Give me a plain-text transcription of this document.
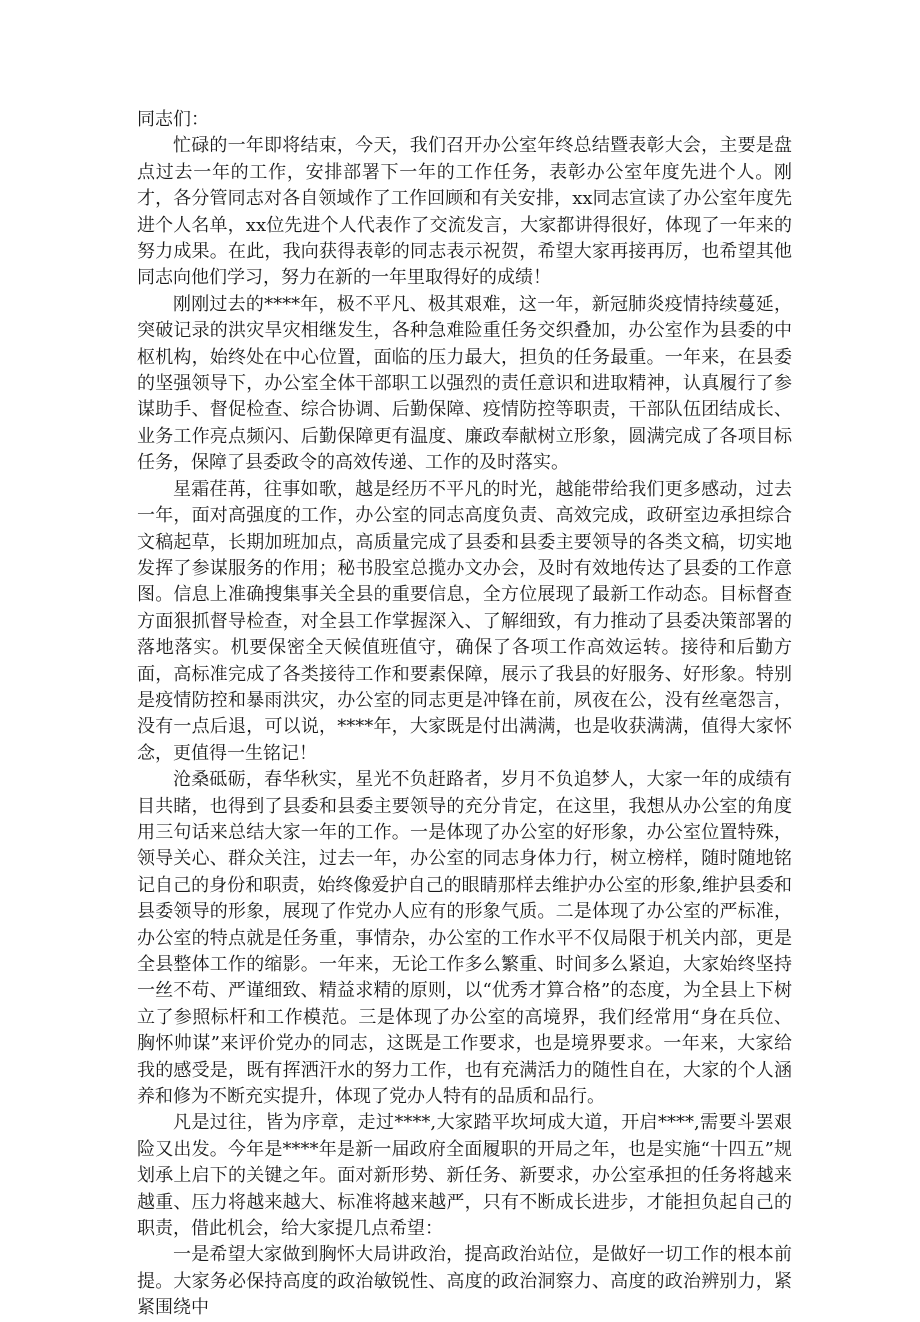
同志们：

忙碌的一年即将结束，今天，我们召开办公室年终总结暨表彰大会，主要是盘点过去一年的工作，安排部署下一年的工作任务，表彰办公室年度先进个人。刚才，各分管同志对各自领域作了工作回顾和有关安排，xx同志宣读了办公室年度先进个人名单，xx位先进个人代表作了交流发言，大家都讲得很好，体现了一年来的努力成果。在此，我向获得表彰的同志表示祝贺，希望大家再接再厉，也希望其他同志向他们学习，努力在新的一年里取得好的成绩！

刚刚过去的****年，极不平凡、极其艰难，这一年，新冠肺炎疫情持续蔓延，突破记录的洪灾旱灾相继发生，各种急难险重任务交织叠加，办公室作为县委的中枢机构，始终处在中心位置，面临的压力最大，担负的任务最重。一年来，在县委的坚强领导下，办公室全体干部职工以强烈的责任意识和进取精神，认真履行了参谋助手、督促检查、综合协调、后勤保障、疫情防控等职责，干部队伍团结成长、业务工作亮点频闪、后勤保障更有温度、廉政奉献树立形象，圆满完成了各项目标任务，保障了县委政令的高效传递、工作的及时落实。

星霜荏苒，往事如歌，越是经历不平凡的时光，越能带给我们更多感动，过去一年，面对高强度的工作，办公室的同志高度负责、高效完成，政研室边承担综合文稿起草，长期加班加点，高质量完成了县委和县委主要领导的各类文稿，切实地发挥了参谋服务的作用；秘书股室总揽办文办会，及时有效地传达了县委的工作意图。信息上准确搜集事关全县的重要信息，全方位展现了最新工作动态。目标督查方面狠抓督导检查，对全县工作掌握深入、了解细致，有力推动了县委决策部署的落地落实。机要保密全天候值班值守，确保了各项工作高效运转。接待和后勤方面，高标准完成了各类接待工作和要素保障，展示了我县的好服务、好形象。特别是疫情防控和暴雨洪灾，办公室的同志更是冲锋在前，夙夜在公，没有丝毫怨言，没有一点后退，可以说，****年，大家既是付出满满，也是收获满满，值得大家怀念，更值得一生铭记！

沧桑砥砺，春华秋实，星光不负赶路者，岁月不负追梦人，大家一年的成绩有目共睹，也得到了县委和县委主要领导的充分肯定，在这里，我想从办公室的角度用三句话来总结大家一年的工作。一是体现了办公室的好形象，办公室位置特殊，领导关心、群众关注，过去一年，办公室的同志身体力行，树立榜样，随时随地铭记自己的身份和职责，始终像爱护自己的眼睛那样去维护办公室的形象,维护县委和县委领导的形象，展现了作党办人应有的形象气质。二是体现了办公室的严标准，办公室的特点就是任务重，事情杂，办公室的工作水平不仅局限于机关内部，更是全县整体工作的缩影。一年来，无论工作多么繁重、时间多么紧迫，大家始终坚持一丝不苟、严谨细致、精益求精的原则，以“优秀才算合格”的态度，为全县上下树立了参照标杆和工作模范。三是体现了办公室的高境界，我们经常用“身在兵位、胸怀帅谋”来评价党办的同志，这既是工作要求，也是境界要求。一年来，大家给我的感受是，既有挥洒汗水的努力工作，也有充满活力的随性自在，大家的个人涵养和修为不断充实提升，体现了党办人特有的品质和品行。

凡是过往，皆为序章，走过****,大家踏平坎坷成大道，开启****,需要斗罢艰险又出发。今年是****年是新一届政府全面履职的开局之年，也是实施“十四五”规划承上启下的关键之年。面对新形势、新任务、新要求，办公室承担的任务将越来越重、压力将越来越大、标准将越来越严，只有不断成长进步，才能担负起自己的职责，借此机会，给大家提几点希望：

一是希望大家做到胸怀大局讲政治，提高政治站位，是做好一切工作的根本前提。大家务必保持高度的政治敏锐性、高度的政治洞察力、高度的政治辨别力，紧紧围绕中
